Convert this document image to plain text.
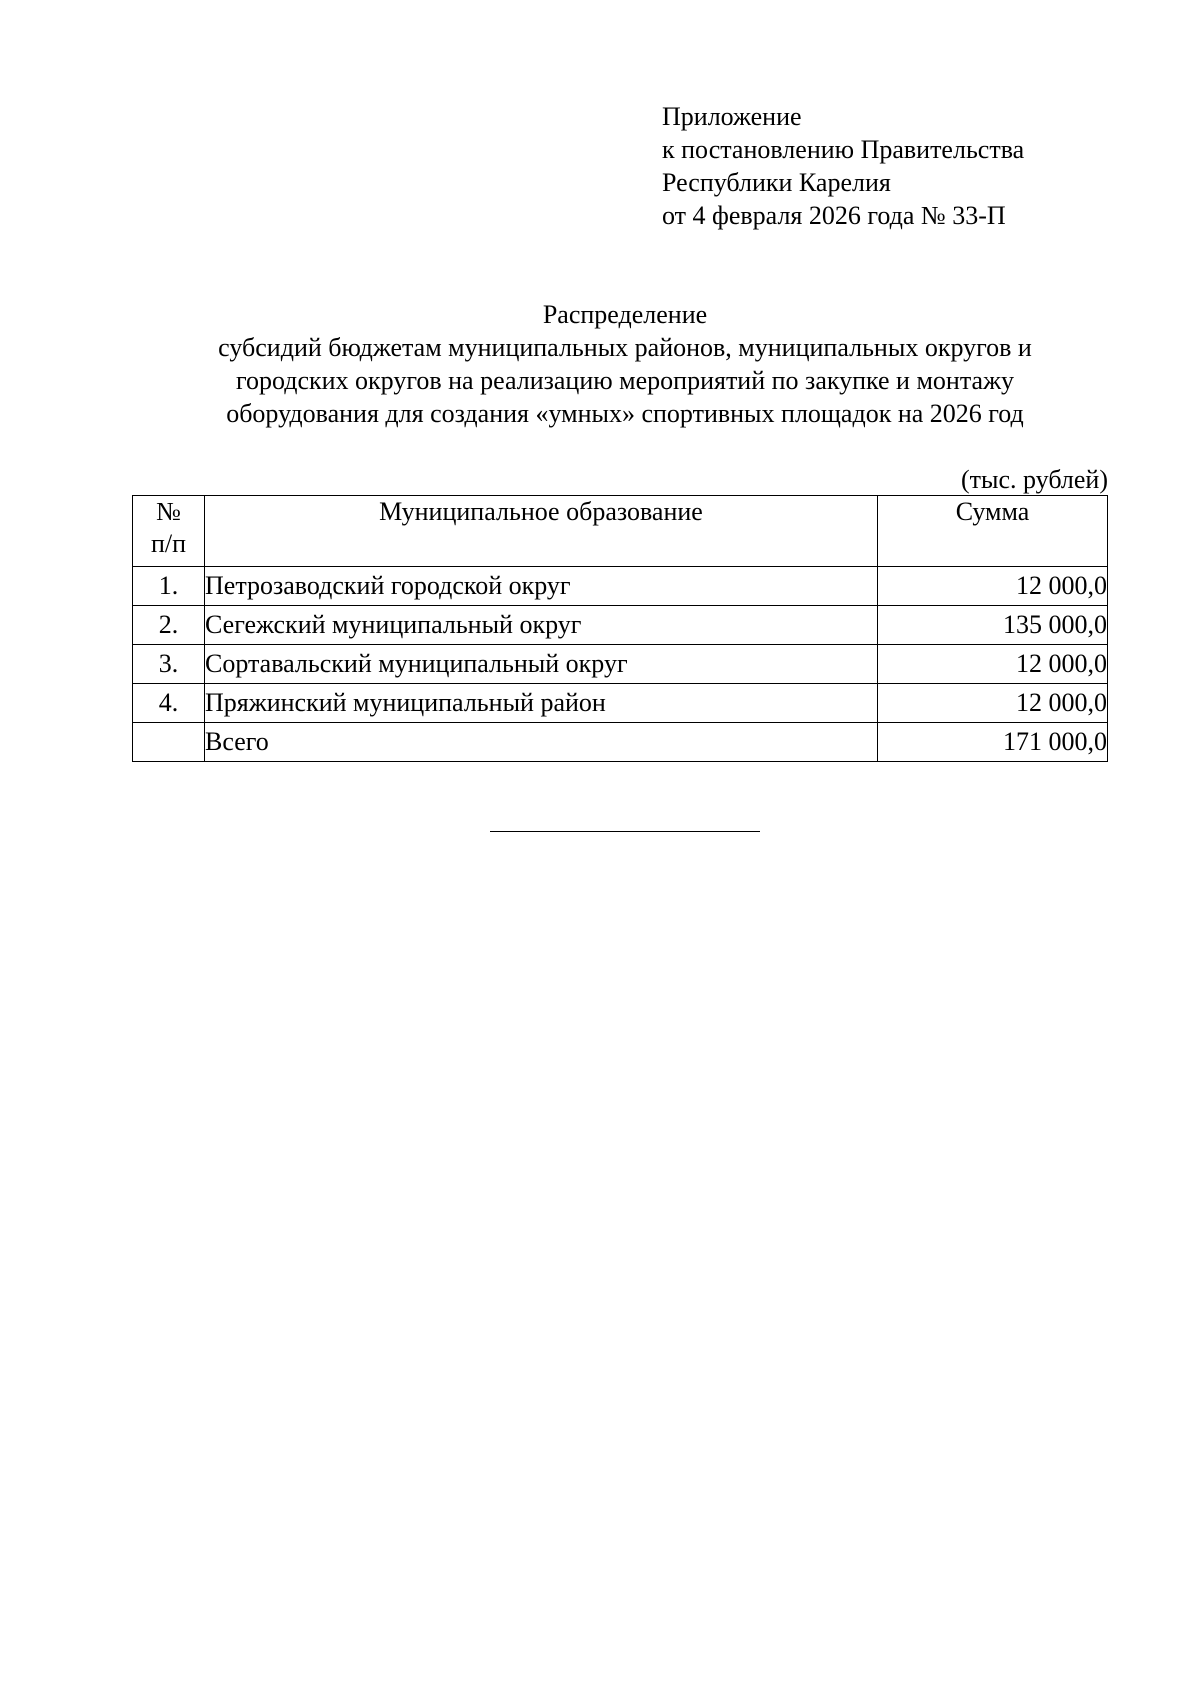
Приложение
к постановлению Правительства
Республики Карелия
от 4 февраля 2026 года № 33-П
Распределение
субсидий бюджетам муниципальных районов, муниципальных округов и
городских округов на реализацию мероприятий по закупке и монтажу
оборудования для создания «умных» спортивных площадок на 2026 год
(тыс. рублей)
№
п/п	Муниципальное образование	Сумма
1.	Петрозаводский городской округ	12 000,0
2.	Сегежский муниципальный округ	135 000,0
3.	Сортавальский муниципальный округ	12 000,0
4.	Пряжинский муниципальный район	12 000,0
	Всего	171 000,0
